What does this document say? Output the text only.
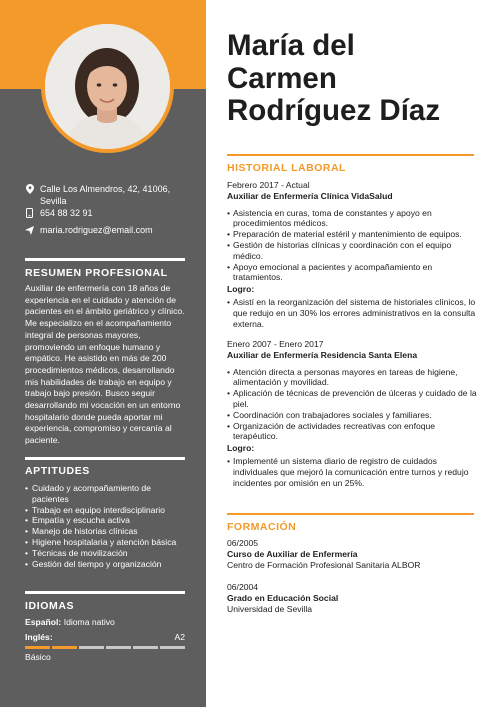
Calle Los Almendros, 42, 41006, Sevilla
654 88 32 91
maria.rodriguez@email.com
RESUMEN PROFESIONAL
Auxiliar de enfermería con 18 años de experiencia en el cuidado y atención de pacientes en el ámbito geriátrico y clínico. Me especializo en el acompañamiento integral de personas mayores, promoviendo un enfoque humano y empático. He asistido en más de 200 procedimientos médicos, desarrollando mis habilidades de trabajo en equipo y trabajo bajo presión. Busco seguir desarrollando mi vocación en un entorno hospitalario donde pueda aportar mi experiencia, compromiso y cercanía al paciente.
APTITUDES
• Cuidado y acompañamiento de pacientes
• Trabajo en equipo interdisciplinario
• Empatía y escucha activa
• Manejo de historias clínicas
• Higiene hospitalaria y atención básica
• Técnicas de movilización
• Gestión del tiempo y organización
IDIOMAS
Español: Idioma nativo
Inglés:	A2
Básico
María del
Carmen
Rodríguez Díaz
HISTORIAL LABORAL
Febrero 2017 - Actual
Auxiliar de Enfermería Clínica VidaSalud
• Asistencia en curas, toma de constantes y apoyo en procedimientos médicos.
• Preparación de material estéril y mantenimiento de equipos.
• Gestión de historias clínicas y coordinación con el equipo médico.
• Apoyo emocional a pacientes y acompañamiento en tratamientos.
Logro:
• Asistí en la reorganización del sistema de historiales clínicos, lo que redujo en un 30% los errores administrativos en la consulta externa.
Enero 2007 - Enero 2017
Auxiliar de Enfermería Residencia Santa Elena
• Atención directa a personas mayores en tareas de higiene, alimentación y movilidad.
• Aplicación de técnicas de prevención de úlceras y cuidado de la piel.
• Coordinación con trabajadores sociales y familiares.
• Organización de actividades recreativas con enfoque terapéutico.
Logro:
• Implementé un sistema diario de registro de cuidados individuales que mejoró la comunicación entre turnos y redujo incidentes por omisión en un 25%.
FORMACIÓN
06/2005
Curso de Auxiliar de Enfermería
Centro de Formación Profesional Sanitaria ALBOR
06/2004
Grado en Educación Social
Universidad de Sevilla
